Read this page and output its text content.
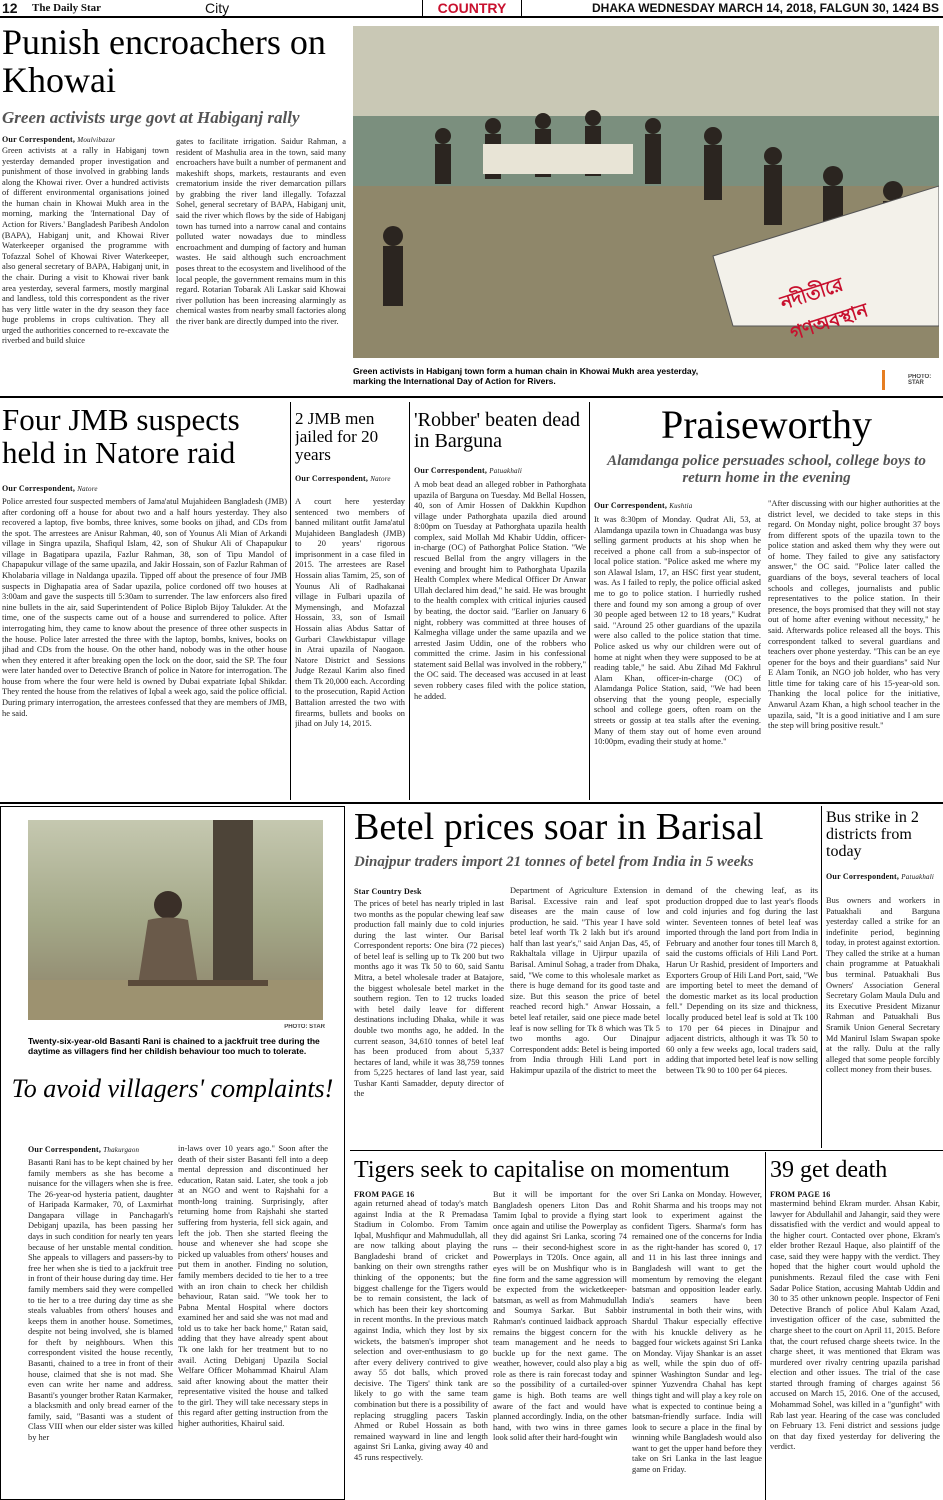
12 The Daily Star	City	COUNTRY	DHAKA WEDNESDAY MARCH 14, 2018, FALGUN 30, 1424 BS
Punish encroachers on Khowai
Green activists urge govt at Habiganj rally
Our Correspondent, Moulvibazar
Green activists at a rally in Habiganj town yesterday demanded proper investigation and punishment of those involved in grabbing lands along the Khowai river. Over a hundred activists of different environmental organisations joined the human chain in Khowai Mukh area in the morning, marking the 'International Day of Action for Rivers.' Bangladesh Paribesh Andolon (BAPA), Habiganj unit, and Khowai River Waterkeeper organised the programme with Tofazzal Sohel of Khowai River Waterkeeper, also general secretary of BAPA, Habiganj unit, in the chair. During a visit to Khowai river bank area yesterday, several farmers, mostly marginal and landless, told this correspondent as the river has very little water in the dry season they face huge problems in crops cultivation. They all urged the authorities concerned to re-excavate the riverbed and build sluice
gates to facilitate irrigation. Saidur Rahman, a resident of Mashulia area in the town, said many encroachers have built a number of permanent and makeshift shops, markets, restaurants and even crematorium inside the river demarcation pillars by grabbing the river land illegally. Tofazzal Sohel, general secretary of BAPA, Habiganj unit, said the river which flows by the side of Habiganj town has turned into a narrow canal and contains polluted water nowadays due to mindless encroachment and dumping of factory and human wastes. He said although such encroachment poses threat to the ecosystem and livelihood of the local people, the government remains mum in this regard. Rotarian Tobarak Ali Laskar said Khowai river pollution has been increasing alarmingly as chemical wastes from nearby small factories along the river bank are directly dumped into the river.
নদীতীরে গণঅবস্থান
Green activists in Habiganj town form a human chain in Khowai Mukh area yesterday, marking the International Day of Action for Rivers.	PHOTO: STAR
Four JMB suspects held in Natore raid
Our Correspondent, Natore
Police arrested four suspected members of Jama'atul Mujahideen Bangladesh (JMB) after cordoning off a house for about two and a half hours yesterday. They also recovered a laptop, five bombs, three knives, some books on jihad, and CDs from the spot. The arrestees are Anisur Rahman, 40, son of Younus Ali Mian of Arkandi village in Singra upazila, Shafiqul Islam, 42, son of Shukur Ali of Chapapukur village in Bagatipara upazila, Fazlur Rahman, 38, son of Tipu Mandol of Chapapukur village of the same upazila, and Jakir Hossain, son of Fazlur Rahman of Kholabaria village in Naldanga upazila. Tipped off about the presence of four JMB suspects in Dighapatia area of Sadar upazila, police cordoned off two houses at 3:00am and gave the suspects till 5:30am to surrender. The law enforcers also fired nine bullets in the air, said Superintendent of Police Biplob Bijoy Talukder. At the time, one of the suspects came out of a house and surrendered to police. After interrogating him, they came to know about the presence of three other suspects in the house. Police later arrested the three with the laptop, bombs, knives, books on jihad and CDs from the house. On the other hand, nobody was in the other house when they entered it after breaking open the lock on the door, said the SP. The four were later handed over to Detective Branch of police in Natore for interrogation. The house from where the four were held is owned by Dubai expatriate Iqbal Shikdar. They rented the house from the relatives of Iqbal a week ago, said the police official. During primary interrogation, the arrestees confessed that they are members of JMB, he said.
2 JMB men jailed for 20 years
Our Correspondent, Natore
A court here yesterday sentenced two members of banned militant outfit Jama'atul Mujahideen Bangladesh (JMB) to 20 years' rigorous imprisonment in a case filed in 2015. The arrestees are Rasel Hossain alias Tamim, 25, son of Younus Ali of Radhakanai village in Fulbari upazila of Mymensingh, and Mofazzal Hossain, 33, son of Ismail Hossain alias Abdus Sattar of Gurbari Clawkbistapur village in Atrai upazila of Naogaon. Natore District and Sessions Judge Rezaul Karim also fined them Tk 20,000 each. According to the prosecution, Rapid Action Battalion arrested the two with firearms, bullets and books on jihad on July 14, 2015.
'Robber' beaten dead in Barguna
Our Correspondent, Patuakhali
A mob beat dead an alleged robber in Pathorghata upazila of Barguna on Tuesday. Md Bellal Hossen, 40, son of Amir Hossen of Dakkhin Kupdhon village under Pathorghata upazila died around 8:00pm on Tuesday at Pathorghata upazila health complex, said Mollah Md Khabir Uddin, officer-in-charge (OC) of Pathorghat Police Station. "We rescued Bellal from the angry villagers in the evening and brought him to Pathorghata Upazila Health Complex where Medical Officer Dr Anwar Ullah declared him dead," he said. He was brought to the health complex with critical injuries caused by beating, the doctor said. "Earlier on January 6 night, robbery was committed at three houses of Kalmegha village under the same upazila and we arrested Jasim Uddin, one of the robbers who committed the crime. Jasim in his confessional statement said Bellal was involved in the robbery," the OC said. The deceased was accused in at least seven robbery cases filed with the police station, he added.
Praiseworthy
Alamdanga police persuades school, college boys to return home in the evening
Our Correspondent, Kushtia
It was 8:30pm of Monday. Qudrat Ali, 53, at Alamdanga upazila town in Chuadanga was busy selling garment products at his shop when he received a phone call from a sub-inspector of local police station. "Police asked me where my son Alawal Islam, 17, an HSC first year student, was. As I failed to reply, the police official asked me to go to police station. I hurriedly rushed there and found my son among a group of over 30 people aged between 12 to 18 years," Kudrat said. "Around 25 other guardians of the upazila were also called to the police station that time. Police asked us why our children were out of home at night when they were supposed to be at reading table," he said. Abu Zihad Md Fakhrul Alam Khan, officer-in-charge (OC) of Alamdanga Police Station, said, "We had been observing that the young people, especially school and college goers, often roam on the streets or gossip at tea stalls after the evening. Many of them stay out of home even around 10:00pm, evading their study at home."
"After discussing with our higher authorities at the district level, we decided to take steps in this regard. On Monday night, police brought 37 boys from different spots of the upazila town to the police station and asked them why they were out of home. They failed to give any satisfactory answer," the OC said. "Police later called the guardians of the boys, several teachers of local schools and colleges, journalists and public representatives to the police station. In their presence, the boys promised that they will not stay out of home after evening without necessity," he said. Afterwards police released all the boys. This correspondent talked to several guardians and teachers over phone yesterday. "This can be an eye opener for the boys and their guardians" said Nur E Alam Tonik, an NGO job holder, who has very little time for taking care of his 15-year-old son. Thanking the local police for the initiative, Anwarul Azam Khan, a high school teacher in the upazila, said, "It is a good initiative and I am sure the step will bring positive result."
PHOTO: STAR
Twenty-six-year-old Basanti Rani is chained to a jackfruit tree during the daytime as villagers find her childish behaviour too much to tolerate.
To avoid villagers' complaints!
Our Correspondent, Thakurgaon
Basanti Rani has to be kept chained by her family members as she has become a nuisance for the villagers when she is free. The 26-year-od hysteria patient, daughter of Haripada Karmaker, 70, of Laxmirhat Dangapara village in Panchagarh's Debiganj upazila, has been passing her days in such condition for nearly ten years because of her unstable mental condition. She appeals to villagers and passers-by to free her when she is tied to a jackfruit tree in front of their house during day time. Her family members said they were compelled to tie her to a tree during day time as she steals valuables from others' houses and keeps them in another house. Sometimes, despite not being involved, she is blamed for theft by neighbours. When this correspondent visited the house recently, Basanti, chained to a tree in front of their house, claimed that she is not mad. She even can write her name and address. Basanti's younger brother Ratan Karmaker, a blacksmith and only bread earner of the family, said, "Basanti was a student of Class VIII when our elder sister was killed by her
in-laws over 10 years ago." Soon after the death of their sister Basanti fell into a deep mental depression and discontinued her education, Ratan said. Later, she took a job at an NGO and went to Rajshahi for a month-long training. Surprisingly, after returning home from Rajshahi she started suffering from hysteria, fell sick again, and left the job. Then she started fleeing the house and whenever she had scope she picked up valuables from others' houses and put them in another. Finding no solution, family members decided to tie her to a tree with an iron chain to check her childish behaviour, Ratan said. "We took her to Pabna Mental Hospital where doctors examined her and said she was not mad and told us to take her back home," Ratan said, adding that they have already spent about Tk one lakh for her treatment but to no avail. Acting Debiganj Upazila Social Welfare Officer Mohammad Khairul Alam said after knowing about the matter their representative visited the house and talked to the girl. They will take necessary steps in this regard after getting instruction from the higher authorities, Khairul said.
Betel prices soar in Barisal
Dinajpur traders import 21 tonnes of betel from India in 5 weeks
Star Country Desk
The prices of betel has nearly tripled in last two months as the popular chewing leaf saw production fall mainly due to cold injuries during the last winter. Our Barisal Correspondent reports: One bira (72 pieces) of betel leaf is selling up to Tk 200 but two months ago it was Tk 50 to 60, said Santu Mitra, a betel wholesale trader at Batajore, the biggest wholesale betel market in the southern region. Ten to 12 trucks loaded with betel daily leave for different destinations including Dhaka, while it was double two months ago, he added. In the current season, 34,610 tonnes of betel leaf has been produced from about 5,337 hectares of land, while it was 38,759 tonnes from 5,225 hectares of land last year, said Tushar Kanti Samadder, deputy director of the
Department of Agriculture Extension in Barisal. Excessive rain and leaf spot diseases are the main cause of low production, he said. "This year I have sold betel leaf worth Tk 2 lakh but it's around half than last year's," said Anjan Das, 45, of Rakhaltala village in Ujirpur upazila of Barisal. Aminul Sohag, a trader from Dhaka, said, "We come to this wholesale market as there is huge demand for its good taste and size. But this season the price of betel reached record high." Anwar Hossain, a betel leaf retailer, said one piece made betel leaf is now selling for Tk 8 which was Tk 5 two months ago. Our Dinajpur Correspondent adds: Betel is being imported from India through Hili Land port in Hakimpur upazila of the district to meet the
demand of the chewing leaf, as its production dropped due to last year's floods and cold injuries and fog during the last winter. Seventeen tonnes of betel leaf was imported through the land port from India in February and another four tones till March 8, said the customs officials of Hili Land Port. Harun Ur Rashid, president of Importers and Exporters Group of Hili Land Port, said, "We are importing betel to meet the demand of the domestic market as its local production fell." Depending on its size and thickness, locally produced betel leaf is sold at Tk 100 to 170 per 64 pieces in Dinajpur and adjacent districts, although it was Tk 50 to 60 only a few weeks ago, local traders said, adding that imported betel leaf is now selling between Tk 90 to 100 per 64 pieces.
Bus strike in 2 districts from today
Our Correspondent, Patuakhali
Bus owners and workers in Patuakhali and Barguna yesterday called a strike for an indefinite period, beginning today, in protest against extortion. They called the strike at a human chain programme at Patuakhali bus terminal. Patuakhali Bus Owners' Association General Secretary Golam Maula Dulu and its Executive President Mizanur Rahman and Patuakhali Bus Sramik Union General Secretary Md Manirul Islam Swapan spoke at the rally. Dulu at the rally alleged that some people forcibly collect money from their buses.
Tigers seek to capitalise on momentum
FROM PAGE 16
again returned ahead of today's match against India at the R Premadasa Stadium in Colombo. From Tamim Iqbal, Mushfiqur and Mahmudullah, all are now talking about playing the Bangladeshi brand of cricket and banking on their own strengths rather thinking of the opponents; but the biggest challenge for the Tigers would be to remain consistent, the lack of which has been their key shortcoming in recent months. In the previous match against India, which they lost by six wickets, the batsmen's improper shot selection and over-enthusiasm to go after every delivery contrived to give away 55 dot balls, which proved decisive. The Tigers' think tank are likely to go with the same team combination but there is a possibility of replacing struggling pacers Taskin Ahmed or Rubel Hossain as both remained wayward in line and length against Sri Lanka, giving away 40 and 45 runs respectively.
But it will be important for the Bangladesh openers Liton Das and Tamim Iqbal to provide a flying start once again and utilise the Powerplay as they did against Sri Lanka, scoring 74 runs -- their second-highest score in Powerplays in T20Is. Once again, all eyes will be on Mushfiqur who is in fine form and the same aggression will be expected from the wicketkeeper-batsman, as well as from Mahmudullah and Soumya Sarkar. But Sabbir Rahman's continued laidback approach remains the biggest concern for the team management and he needs to buckle up for the next game. The weather, however, could also play a big role as there is rain forecast today and so the possibility of a curtailed-over game is high. Both teams are well aware of the fact and would have planned accordingly. India, on the other hand, with two wins in three games look solid after their hard-fought win
over Sri Lanka on Monday. However, Rohit Sharma and his troops may not look to experiment against the confident Tigers. Sharma's form has remained one of the concerns for India as the right-hander has scored 0, 17 and 11 in his last three innings and Bangladesh will want to get the momentum by removing the elegant batsman and opposition leader early. India's seamers have been instrumental in both their wins, with Shardul Thakur especially effective with his knuckle delivery as he bagged four wickets against Sri Lanka on Monday. Vijay Shankar is an asset as well, while the spin duo of off-spinner Washington Sundar and leg-spinner Yuzvendra Chahal has kept things tight and will play a key role on what is expected to continue being a batsman-friendly surface. India will look to secure a place in the final by winning while Bangladesh would also want to get the upper hand before they take on Sri Lanka in the last league game on Friday.
39 get death
FROM PAGE 16
mastermind behind Ekram murder. Ahsan Kabir, lawyer for Abdullahil and Jahangir, said they were dissatisfied with the verdict and would appeal to the higher court. Contacted over phone, Ekram's elder brother Rezaul Haque, also plaintiff of the case, said they were happy with the verdict. They hoped that the higher court would uphold the punishments. Rezaul filed the case with Feni Sadar Police Station, accusing Mahtab Uddin and 30 to 35 other unknown people. Inspector of Feni Detective Branch of police Abul Kalam Azad, investigation officer of the case, submitted the charge sheet to the court on April 11, 2015. Before that, the court refused charge sheets twice. In the charge sheet, it was mentioned that Ekram was murdered over rivalry centring upazila parishad election and other issues. The trial of the case started through framing of charges against 56 accused on March 15, 2016. One of the accused, Mohammad Sohel, was killed in a "gunfight" with Rab last year. Hearing of the case was concluded on February 13. Feni district and sessions judge on that day fixed yesterday for delivering the verdict.
